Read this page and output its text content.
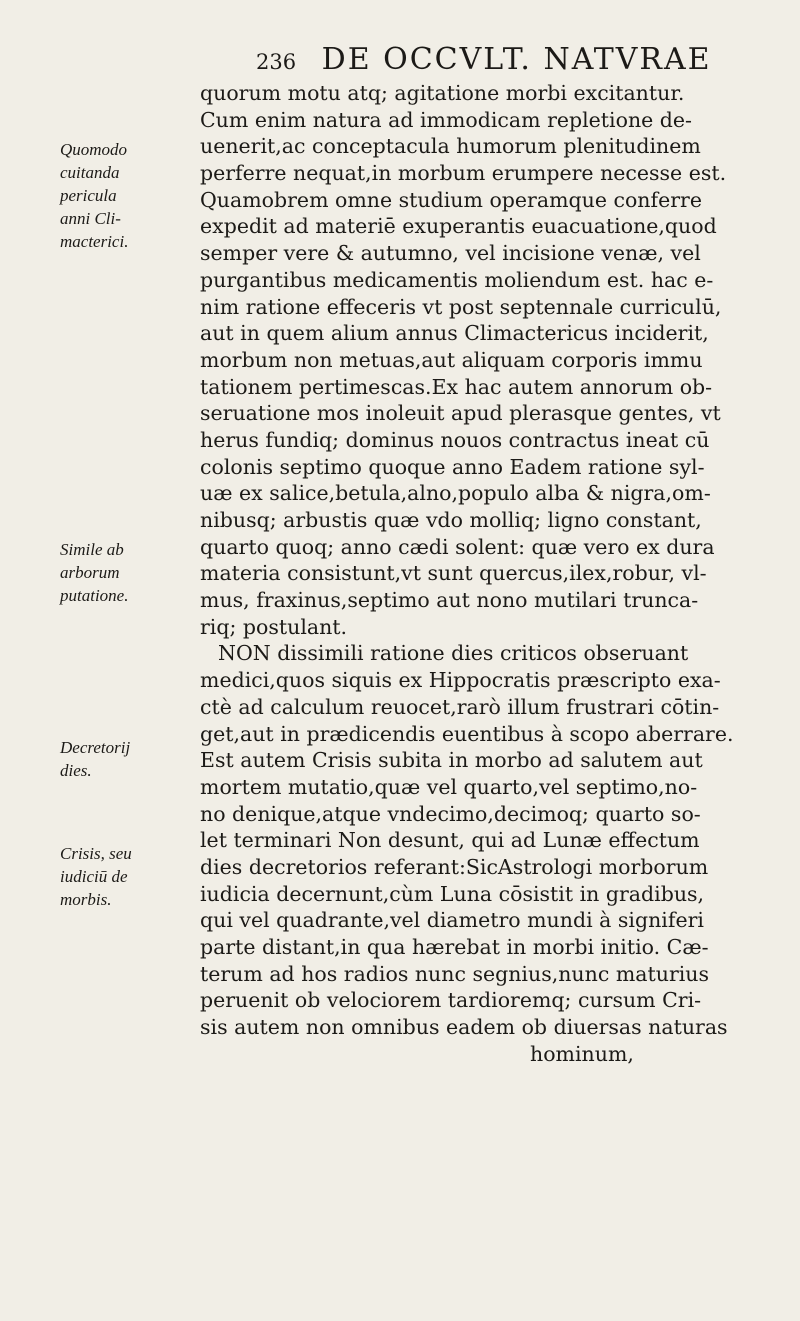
236 DE OCCVLT. NATVRAE
quorum motu atq; agitatione morbi excitantur.
Cum enim natura ad immodicam repletione de-
uenerit,ac conceptacula humorum plenitudinem
perferre nequat,in morbum erumpere necesse est.
Quamobrem omne studium operamque conferre
expedit ad materiē exuperantis euacuatione,quod
semper vere & autumno, vel incisione venæ, vel
purgantibus medicamentis moliendum est. hac e-
nim ratione effeceris vt post septennale curriculū,
aut in quem alium annus Climactericus inciderit,
morbum non metuas,aut aliquam corporis immu
tationem pertimescas.Ex hac autem annorum ob-
seruatione mos inoleuit apud plerasque gentes, vt
herus fundiq; dominus nouos contractus ineat cū
colonis septimo quoque anno Eadem ratione syl-
uæ ex salice,betula,alno,populo alba & nigra,om-
nibusq; arbustis quæ vdo molliq; ligno constant,
quarto quoq; anno cædi solent: quæ vero ex dura
materia consistunt,vt sunt quercus,ilex,robur, vl-
mus, fraxinus,septimo aut nono mutilari trunca-
riq; postulant.
NON dissimili ratione dies criticos obseruant
medici,quos siquis ex Hippocratis præscripto exa-
ctè ad calculum reuocet,rarò illum frustrari cōtin-
get,aut in prædicendis euentibus à scopo aberrare.
Est autem Crisis subita in morbo ad salutem aut
mortem mutatio,quæ vel quarto,vel septimo,no-
no denique,atque vndecimo,decimoq; quarto so-
let terminari Non desunt, qui ad Lunæ effectum
dies decretorios referant:SicAstrologi morborum
iudicia decernunt,cùm Luna cōsistit in gradibus,
qui vel quadrante,vel diametro mundi à signiferi
parte distant,in qua hærebat in morbi initio. Cæ-
terum ad hos radios nunc segnius,nunc maturius
peruenit ob velociorem tardioremq; cursum Cri-
sis autem non omnibus eadem ob diuersas naturas
hominum,
Quomodo
cuitanda
pericula
anni Cli-
macterici.
Simile ab
arborum
putatione.
Decretorij
dies.
Crisis, seu
iudiciū de
morbis.
